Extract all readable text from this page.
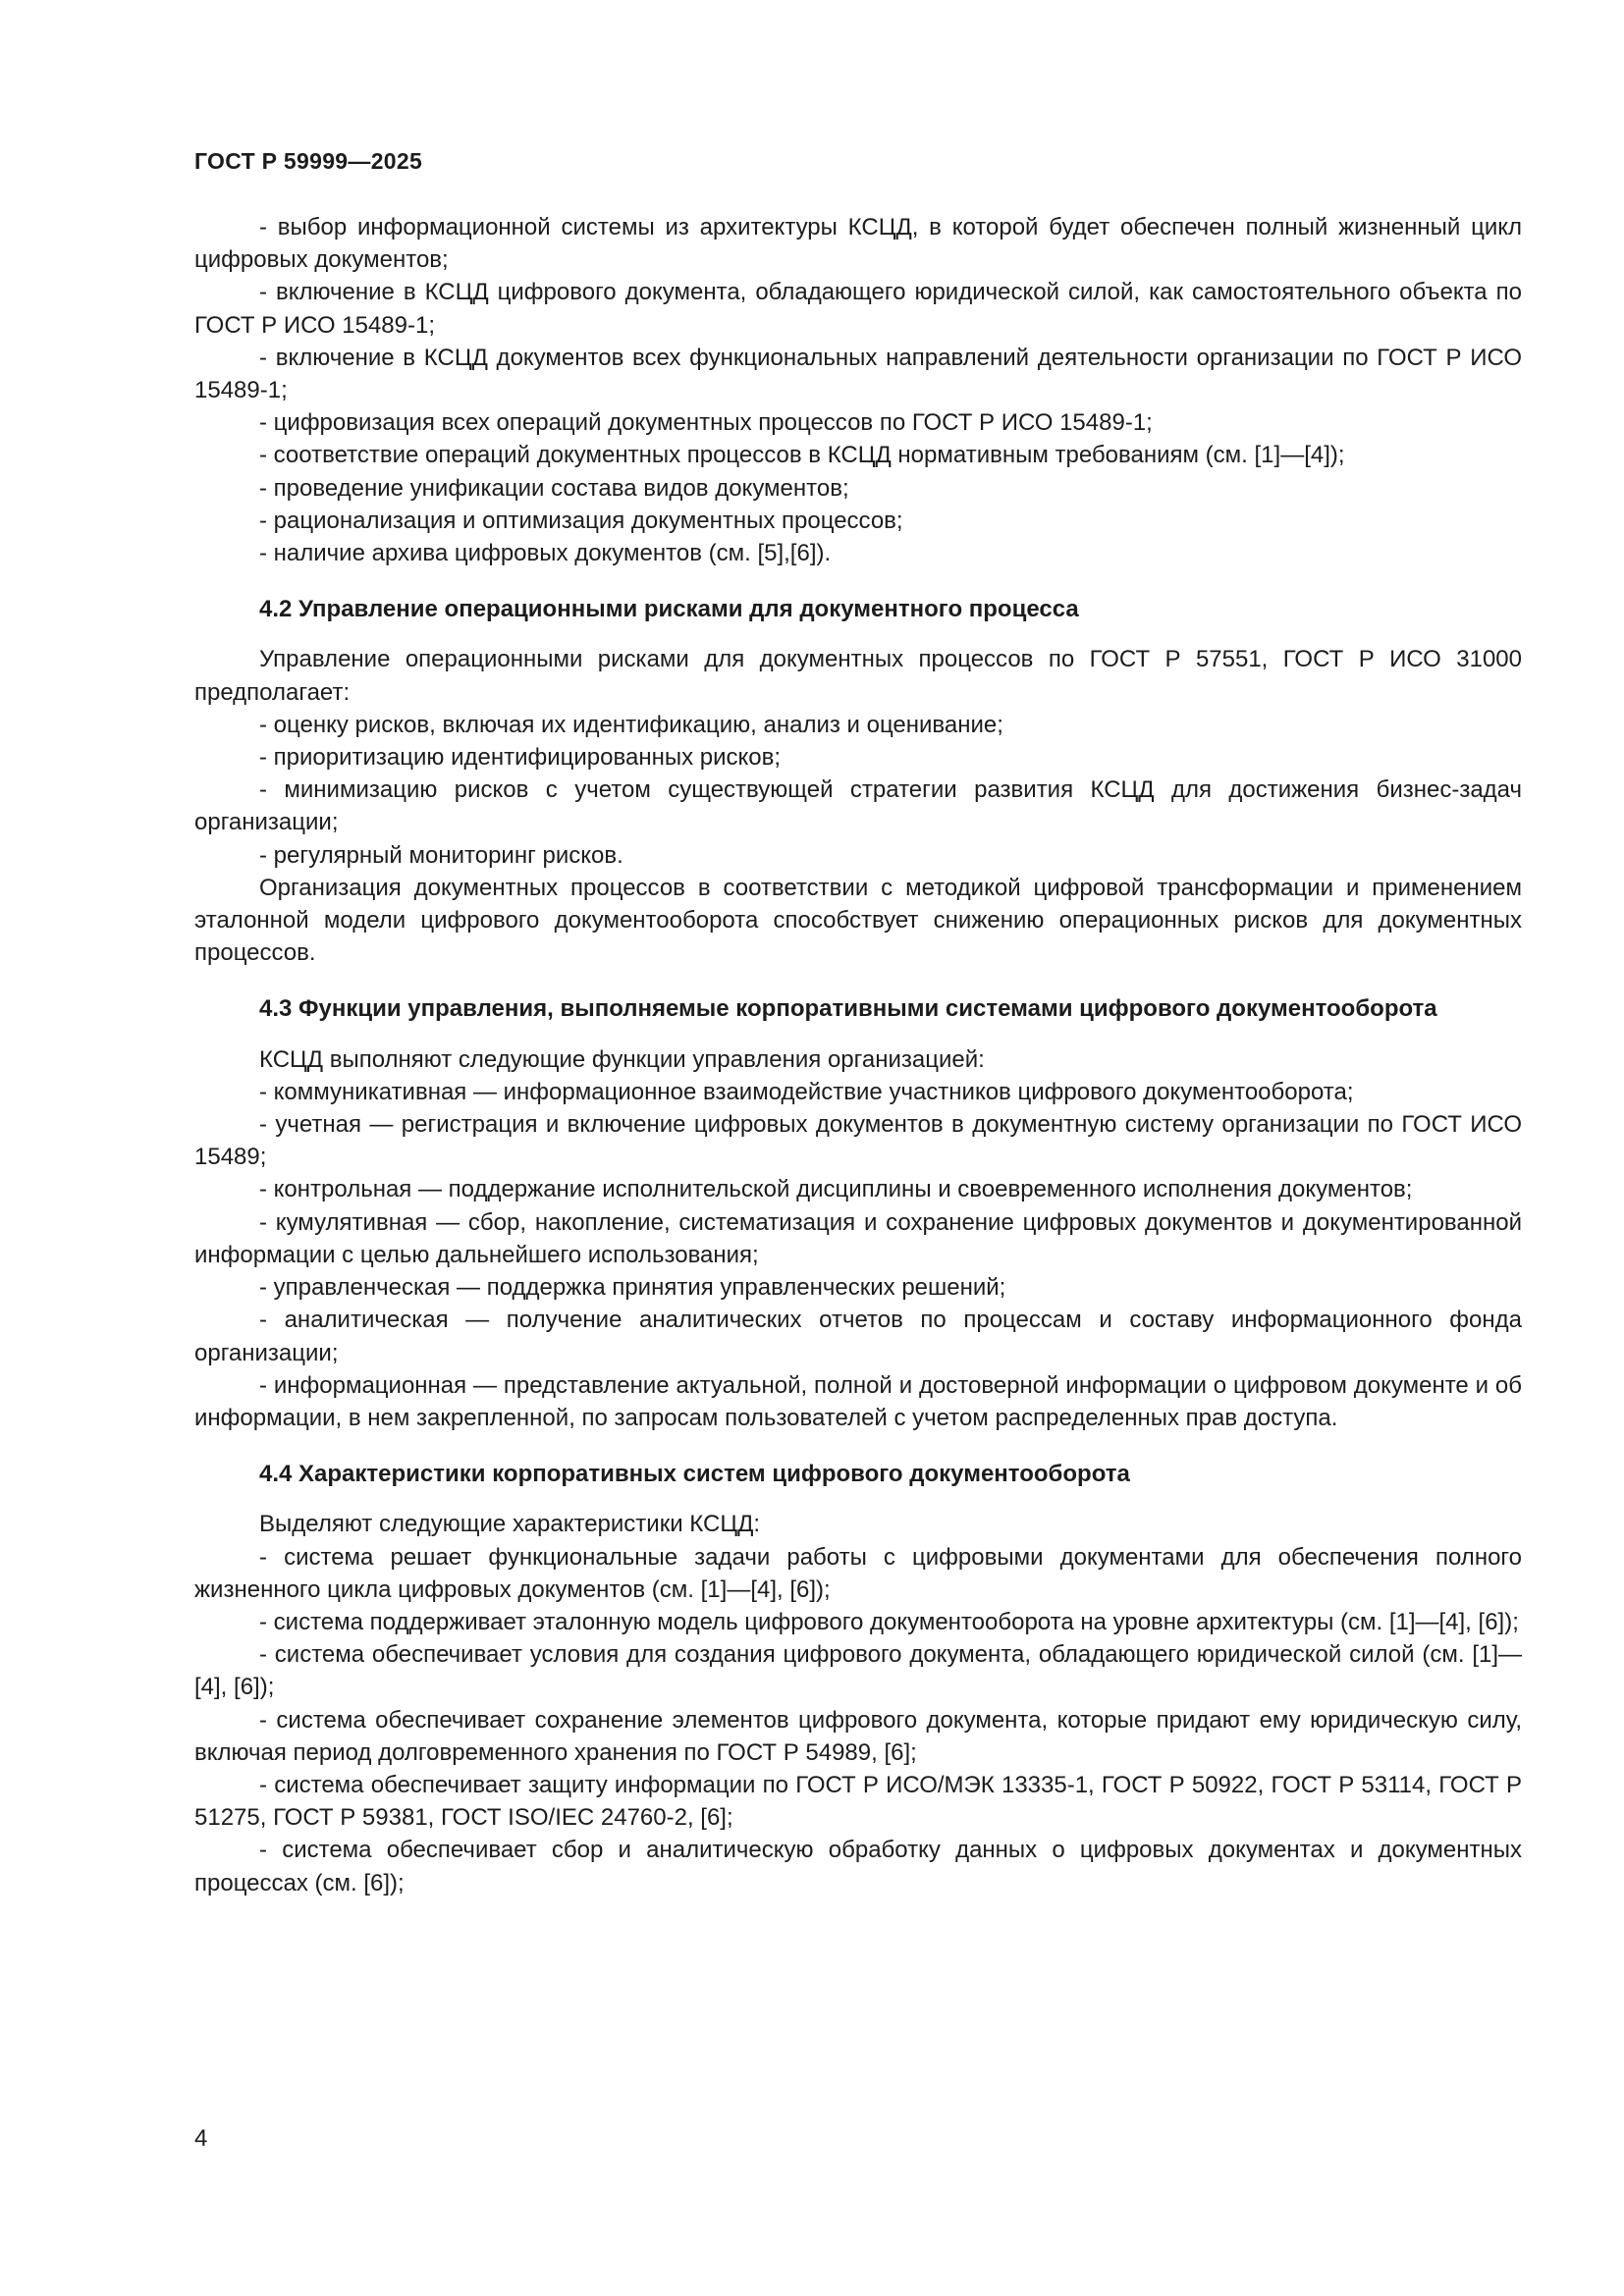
ГОСТ Р 59999—2025

- выбор информационной системы из архитектуры КСЦД, в которой будет обеспечен полный жизненный цикл цифровых документов;

- включение в КСЦД цифрового документа, обладающего юридической силой, как самостоятельного объекта по ГОСТ Р ИСО 15489-1;

- включение в КСЦД документов всех функциональных направлений деятельности организации по ГОСТ Р ИСО 15489-1;

- цифровизация всех операций документных процессов по ГОСТ Р ИСО 15489-1;

- соответствие операций документных процессов в КСЦД нормативным требованиям (см. [1]—[4]);

- проведение унификации состава видов документов;

- рационализация и оптимизация документных процессов;

- наличие архива цифровых документов (см. [5],[6]).

4.2 Управление операционными рисками для документного процесса

Управление операционными рисками для документных процессов по ГОСТ Р 57551, ГОСТ Р ИСО 31000 предполагает:

- оценку рисков, включая их идентификацию, анализ и оценивание;

- приоритизацию идентифицированных рисков;

- минимизацию рисков с учетом существующей стратегии развития КСЦД для достижения бизнес-задач организации;

- регулярный мониторинг рисков.

Организация документных процессов в соответствии с методикой цифровой трансформации и применением эталонной модели цифрового документооборота способствует снижению операционных рисков для документных процессов.

4.3 Функции управления, выполняемые корпоративными системами цифрового документооборота

КСЦД выполняют следующие функции управления организацией:

- коммуникативная — информационное взаимодействие участников цифрового документооборота;

- учетная — регистрация и включение цифровых документов в документную систему организации по ГОСТ ИСО 15489;

- контрольная — поддержание исполнительской дисциплины и своевременного исполнения документов;

- кумулятивная — сбор, накопление, систематизация и сохранение цифровых документов и документированной информации с целью дальнейшего использования;

- управленческая — поддержка принятия управленческих решений;

- аналитическая — получение аналитических отчетов по процессам и составу информационного фонда организации;

- информационная — представление актуальной, полной и достоверной информации о цифровом документе и об информации, в нем закрепленной, по запросам пользователей с учетом распределенных прав доступа.

4.4 Характеристики корпоративных систем цифрового документооборота

Выделяют следующие характеристики КСЦД:

- система решает функциональные задачи работы с цифровыми документами для обеспечения полного жизненного цикла цифровых документов (см. [1]—[4], [6]);

- система поддерживает эталонную модель цифрового документооборота на уровне архитектуры (см. [1]—[4], [6]);

- система обеспечивает условия для создания цифрового документа, обладающего юридической силой (см. [1]—[4], [6]);

- система обеспечивает сохранение элементов цифрового документа, которые придают ему юридическую силу, включая период долговременного хранения по ГОСТ Р 54989, [6];

- система обеспечивает защиту информации по ГОСТ Р ИСО/МЭК 13335-1, ГОСТ Р 50922, ГОСТ Р 53114, ГОСТ Р 51275, ГОСТ Р 59381, ГОСТ ISO/IEC 24760-2, [6];

- система обеспечивает сбор и аналитическую обработку данных о цифровых документах и документных процессах (см. [6]);

4
